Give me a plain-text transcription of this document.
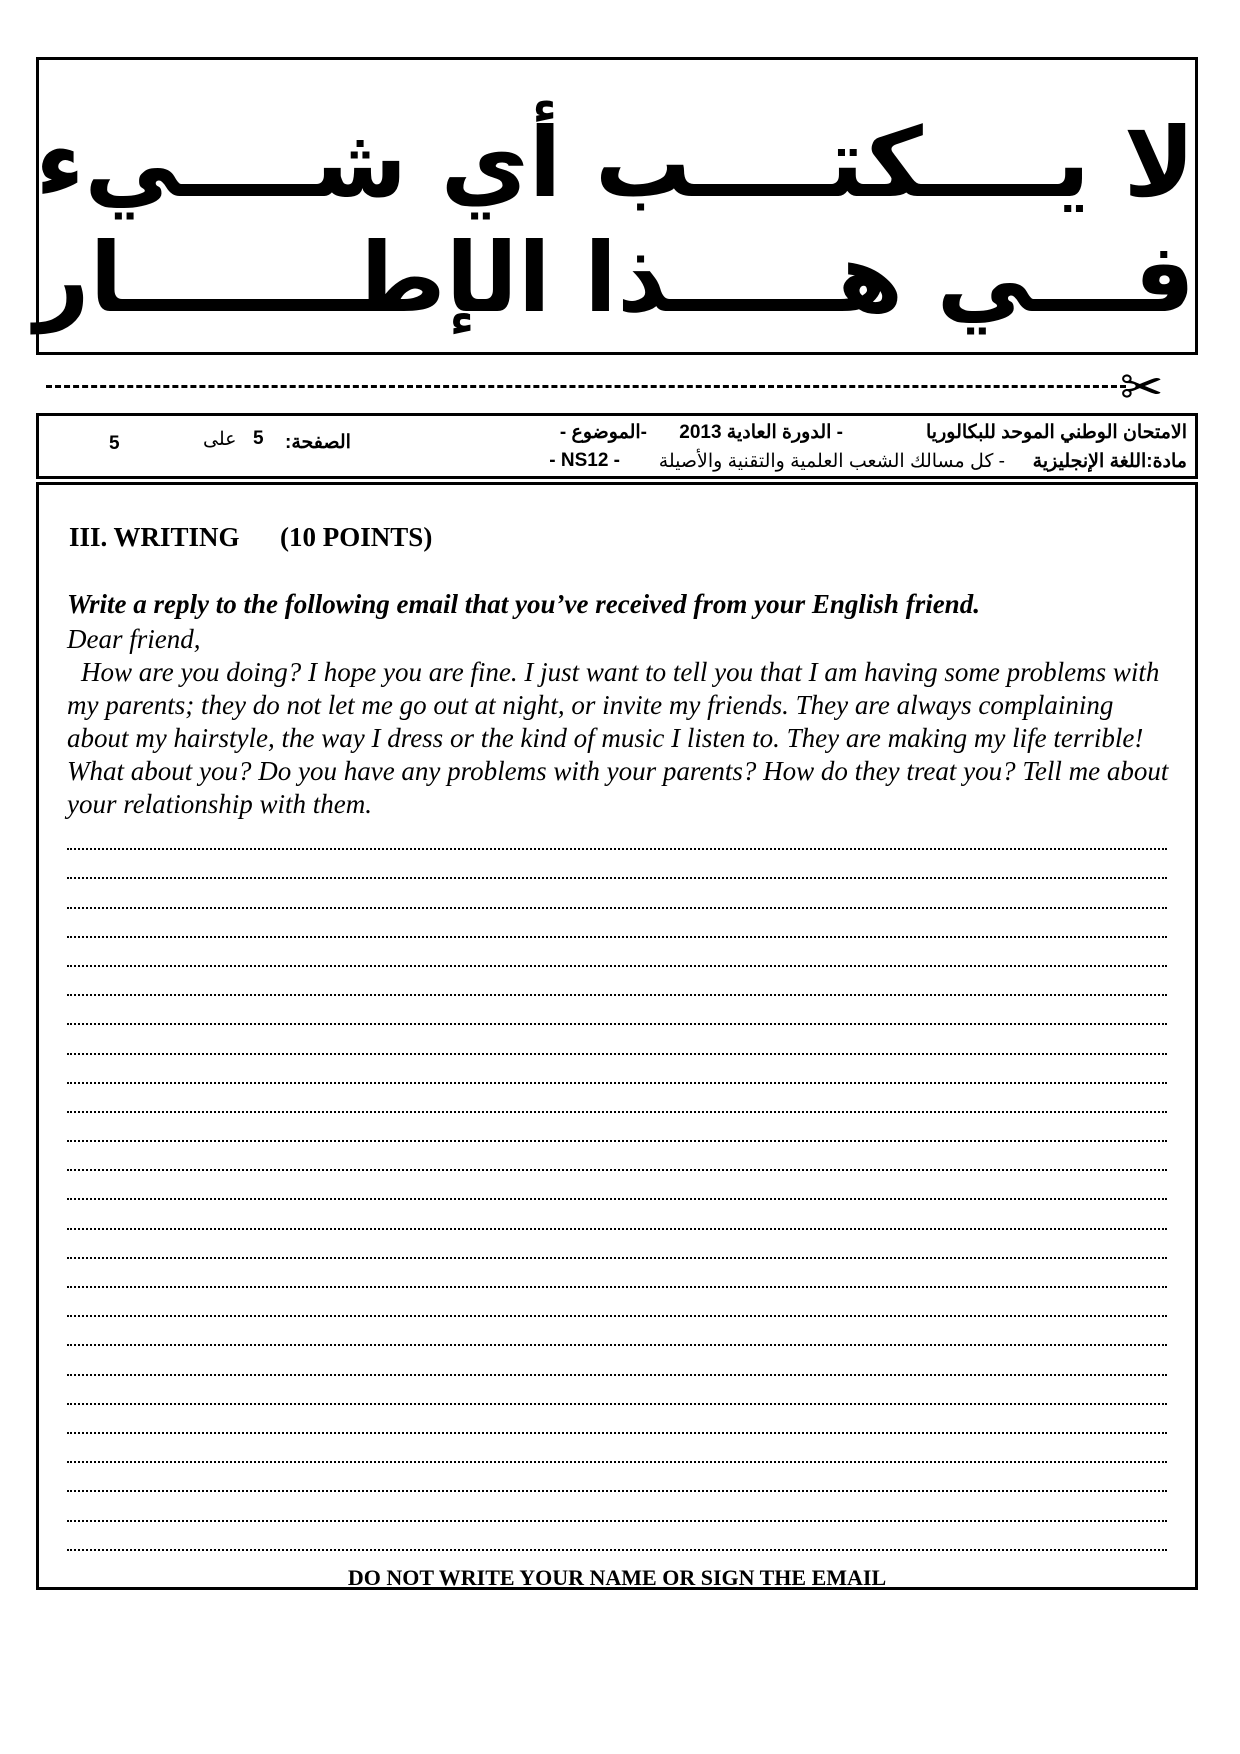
لا يــــكتــــب أي شــــيء
فـــي هـــــذا الإطـــــــار
✂
الامتحان الوطني الموحد للبكالوريا
- الدورة العادية 2013
-الموضوع -
الصفحة:
5
على
5
مادة:اللغة الإنجليزية
- كل مسالك الشعب العلمية والتقنية والأصيلة
- NS12 -
III. WRITING      (10 POINTS)
Write a reply to the following email that you’ve received from your English friend.
Dear friend,
How are you doing? I hope you are fine. I just want to tell you that I am having some problems with my parents; they do not let me go out at night, or invite my friends. They are always complaining about my hairstyle, the way I dress or the kind of music I listen to. They are making my life terrible! What about you? Do you have any problems with your parents? How do they treat you? Tell me about your relationship with them.
DO NOT WRITE YOUR NAME OR SIGN THE EMAIL
